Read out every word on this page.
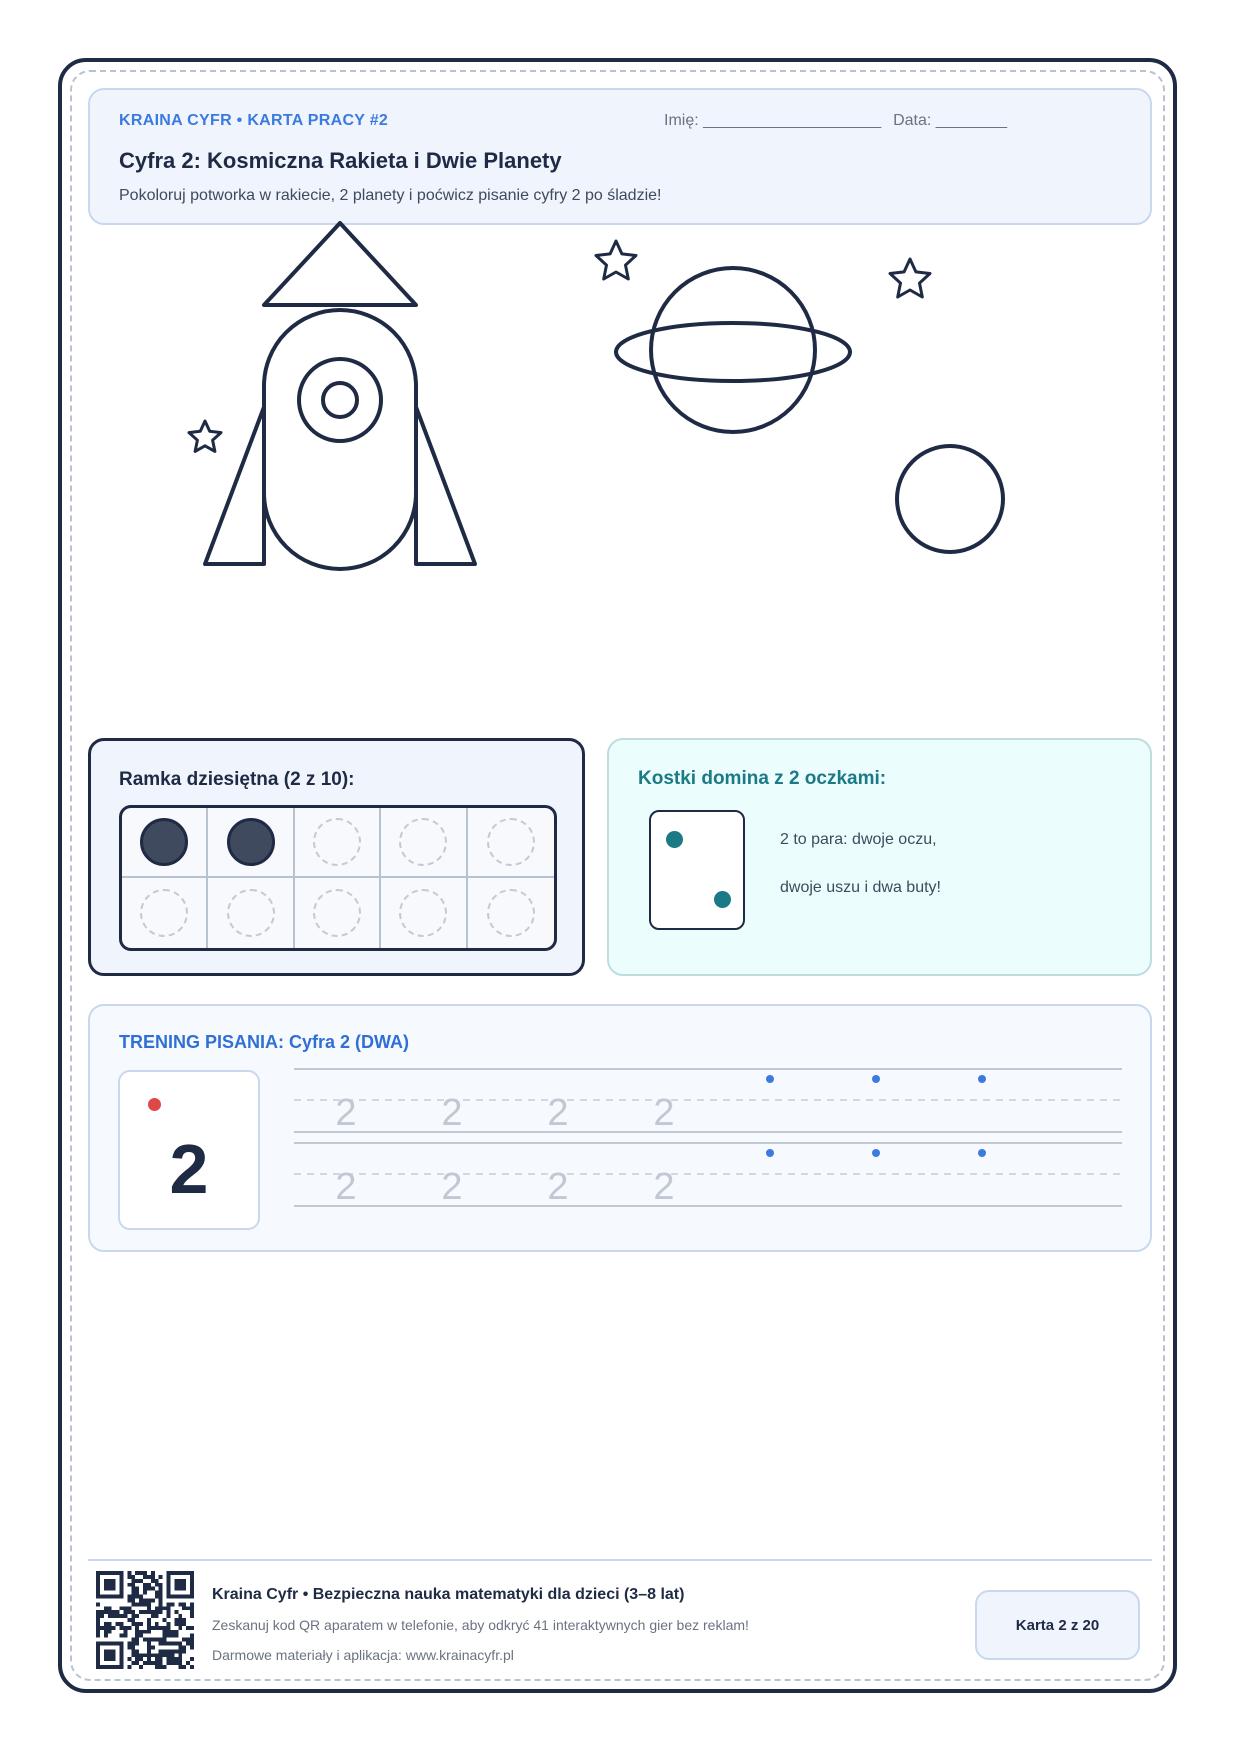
KRAINA CYFR • KARTA PRACY #2	Imię: ____________________ Data: ________
Cyfra 2: Kosmiczna Rakieta i Dwie Planety
Pokoloruj potworka w rakiecie, 2 planety i poćwicz pisanie cyfry 2 po śladzie!
Ramka dziesiętna (2 z 10):	Kostki domina z 2 oczkami:
2 to para: dwoje oczu,
dwoje uszu i dwa buty!
TRENING PISANIA: Cyfra 2 (DWA)
2
2 2 2 2
2 2 2 2
Kraina Cyfr • Bezpieczna nauka matematyki dla dzieci (3–8 lat)
Zeskanuj kod QR aparatem w telefonie, aby odkryć 41 interaktywnych gier bez reklam!
Darmowe materiały i aplikacja: www.krainacyfr.pl
Karta 2 z 20
